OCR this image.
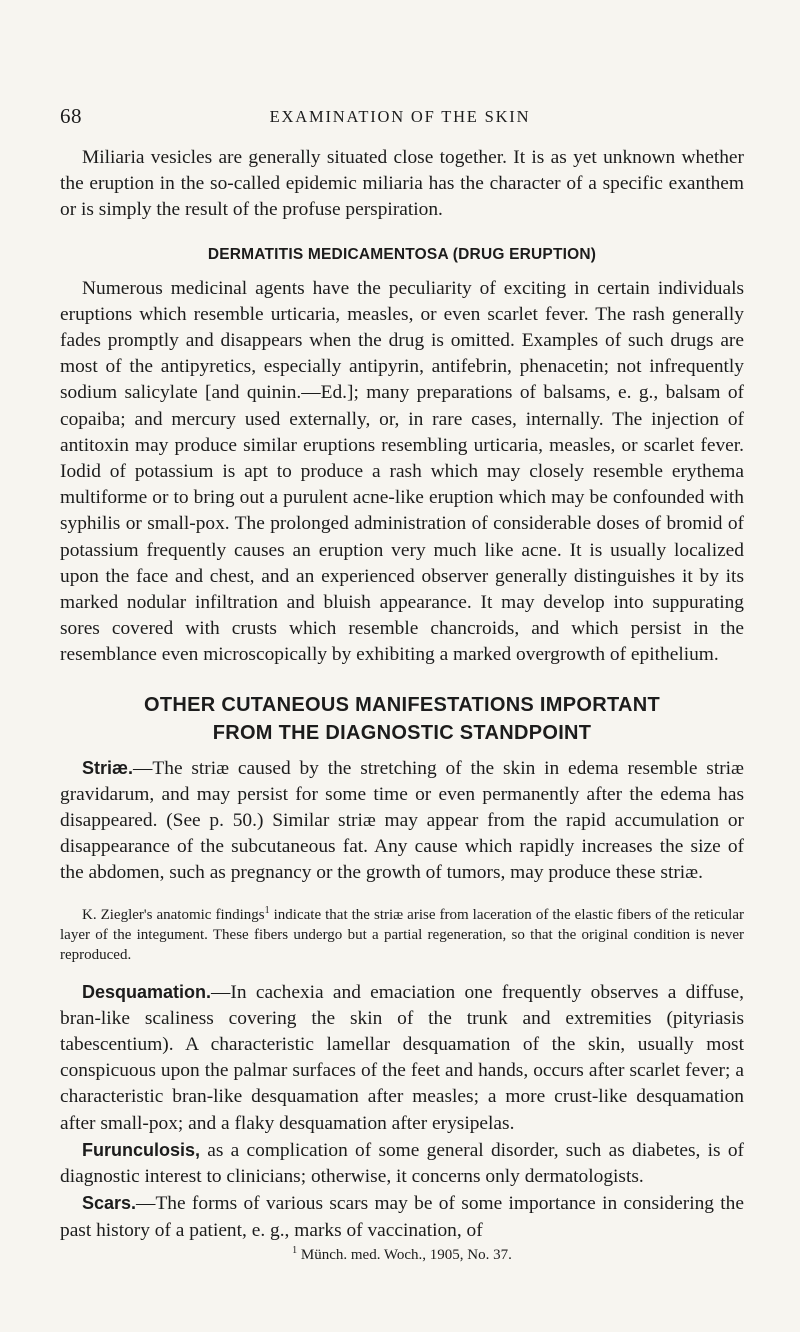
68	EXAMINATION OF THE SKIN

Miliaria vesicles are generally situated close together. It is as yet unknown whether the eruption in the so-called epidemic miliaria has the character of a specific exanthem or is simply the result of the profuse perspiration.

DERMATITIS MEDICAMENTOSA (DRUG ERUPTION)

Numerous medicinal agents have the peculiarity of exciting in certain individuals eruptions which resemble urticaria, measles, or even scarlet fever. The rash generally fades promptly and disappears when the drug is omitted. Examples of such drugs are most of the antipyretics, especially antipyrin, antifebrin, phenacetin; not infrequently sodium salicylate [and quinin.—Ed.]; many preparations of balsams, e. g., balsam of copaiba; and mercury used externally, or, in rare cases, internally. The injection of antitoxin may produce similar eruptions resembling urticaria, measles, or scarlet fever. Iodid of potassium is apt to produce a rash which may closely resemble erythema multiforme or to bring out a purulent acne-like eruption which may be confounded with syphilis or small-pox. The prolonged administration of considerable doses of bromid of potassium frequently causes an eruption very much like acne. It is usually localized upon the face and chest, and an experienced observer generally distinguishes it by its marked nodular infiltration and bluish appearance. It may develop into suppurating sores covered with crusts which resemble chancroids, and which persist in the resemblance even microscopically by exhibiting a marked overgrowth of epithelium.

OTHER CUTANEOUS MANIFESTATIONS IMPORTANT
FROM THE DIAGNOSTIC STANDPOINT

Striæ.—The striæ caused by the stretching of the skin in edema resemble striæ gravidarum, and may persist for some time or even permanently after the edema has disappeared. (See p. 50.) Similar striæ may appear from the rapid accumulation or disappearance of the subcutaneous fat. Any cause which rapidly increases the size of the abdomen, such as pregnancy or the growth of tumors, may produce these striæ.

K. Ziegler's anatomic findings$^1$ indicate that the striæ arise from laceration of the elastic fibers of the reticular layer of the integument. These fibers undergo but a partial regeneration, so that the original condition is never reproduced.

Desquamation.—In cachexia and emaciation one frequently observes a diffuse, bran-like scaliness covering the skin of the trunk and extremities (pityriasis tabescentium). A characteristic lamellar desquamation of the skin, usually most conspicuous upon the palmar surfaces of the feet and hands, occurs after scarlet fever; a characteristic bran-like desquamation after measles; a more crust-like desquamation after small-pox; and a flaky desquamation after erysipelas.

Furunculosis, as a complication of some general disorder, such as diabetes, is of diagnostic interest to clinicians; otherwise, it concerns only dermatologists.

Scars.—The forms of various scars may be of some importance in considering the past history of a patient, e. g., marks of vaccination, of

$^1$ Münch. med. Woch., 1905, No. 37.
